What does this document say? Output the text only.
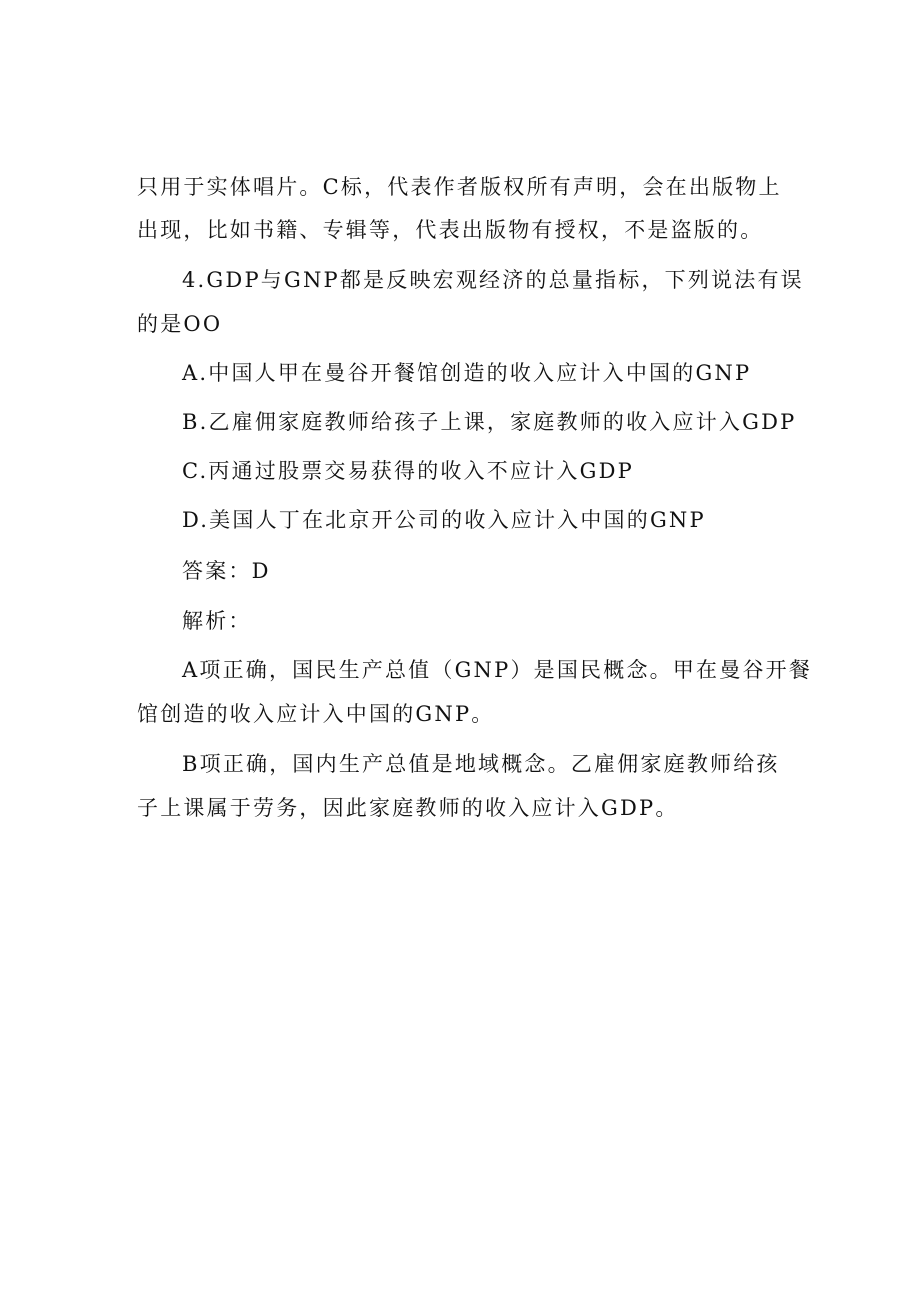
只用于实体唱片。C标，代表作者版权所有声明，会在出版物上
出现，比如书籍、专辑等，代表出版物有授权，不是盗版的。
4.GDP与GNP都是反映宏观经济的总量指标，下列说法有误
的是OO
A.中国人甲在曼谷开餐馆创造的收入应计入中国的GNP
B.乙雇佣家庭教师给孩子上课，家庭教师的收入应计入GDP
C.丙通过股票交易获得的收入不应计入GDP
D.美国人丁在北京开公司的收入应计入中国的GNP
答案：D
解析：
A项正确，国民生产总值（GNP）是国民概念。甲在曼谷开餐
馆创造的收入应计入中国的GNP。
B项正确，国内生产总值是地域概念。乙雇佣家庭教师给孩
子上课属于劳务，因此家庭教师的收入应计入GDP。
